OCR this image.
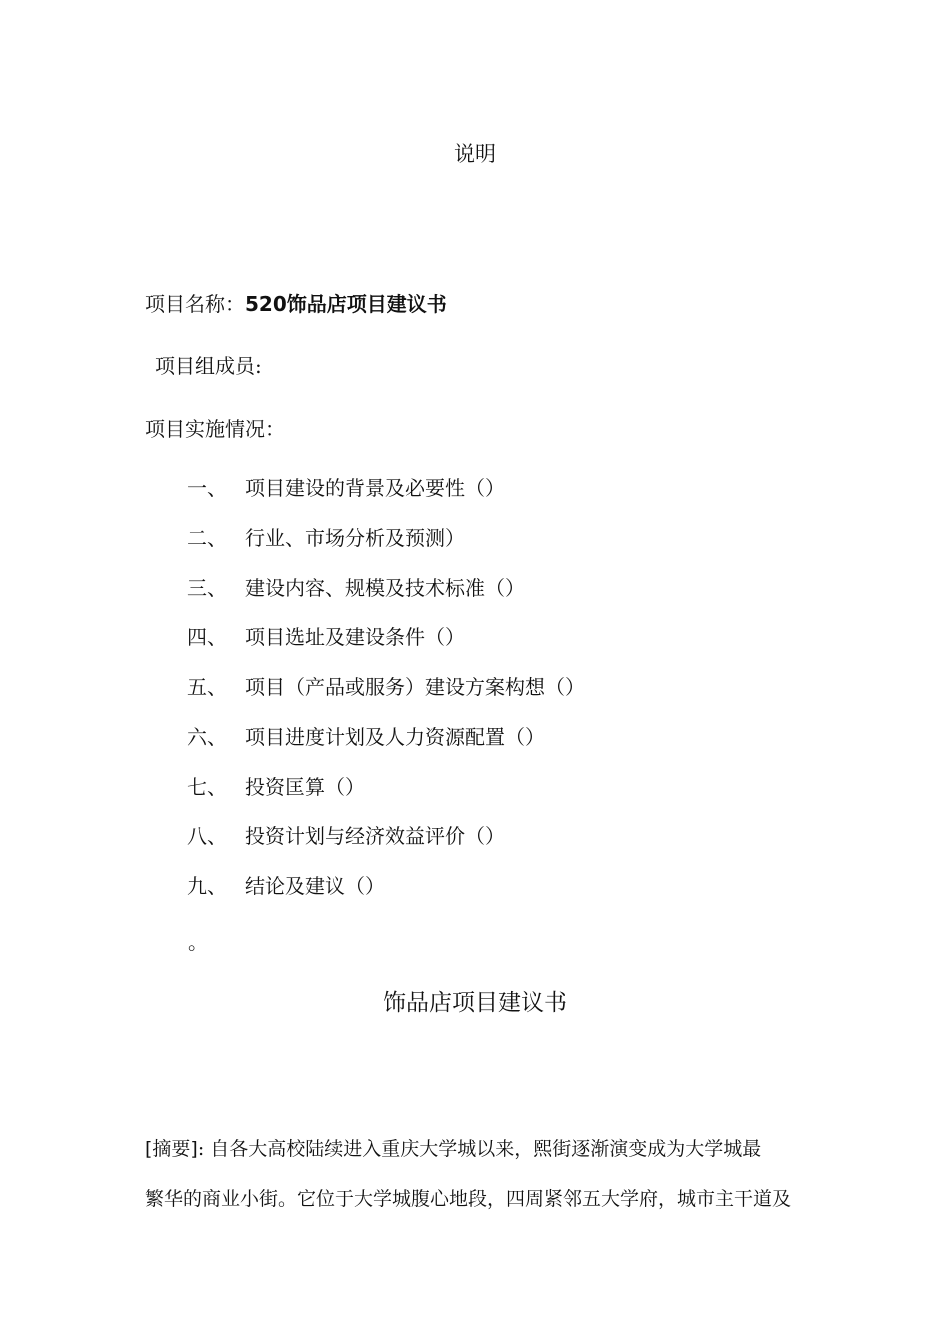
说明
项目名称：520饰品店项目建议书
项目组成员:
项目实施情况：
一、 项目建设的背景及必要性（）
二、 行业、市场分析及预测）
三、 建设内容、规模及技术标准（）
四、 项目选址及建设条件（）
五、 项目（产品或服务）建设方案构想（）
六、 项目进度计划及人力资源配置（）
七、 投资匡算（）
八、 投资计划与经济效益评价（）
九、 结论及建议（）
。
饰品店项目建议书
[摘要]: 自各大高校陆续进入重庆大学城以来，熙街逐渐演变成为大学城最
繁华的商业小街。它位于大学城腹心地段，四周紧邻五大学府，城市主干道及
